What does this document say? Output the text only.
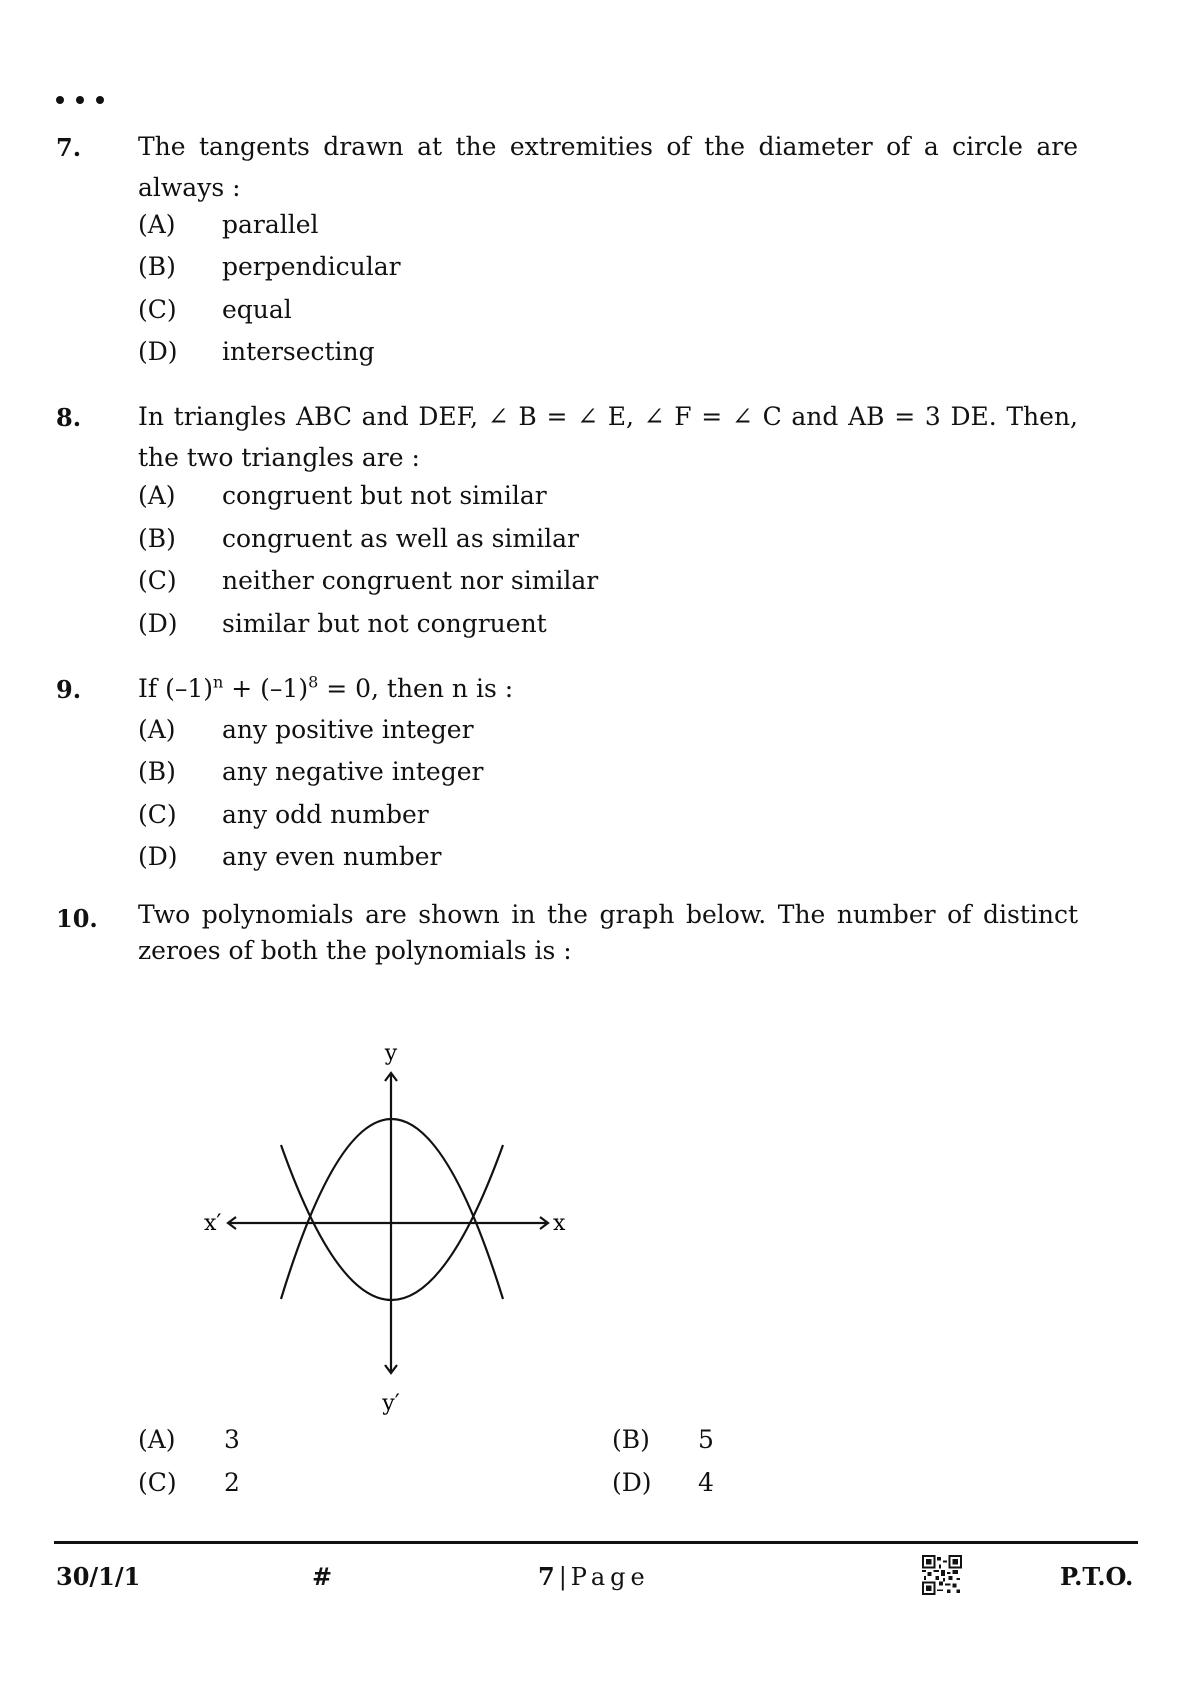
7. The tangents drawn at the extremities of the diameter of a circle are always :
(A)	parallel
(B)	perpendicular
(C)	equal
(D)	intersecting
8. In triangles ABC and DEF, ∠ B = ∠ E, ∠ F = ∠ C and AB = 3 DE. Then, the two triangles are :
(A)	congruent but not similar
(B)	congruent as well as similar
(C)	neither congruent nor similar
(D)	similar but not congruent
9. If $(-1)^n + (-1)^8 = 0$, then n is :
(A)	any positive integer
(B)	any negative integer
(C)	any odd number
(D)	any even number
10. Two polynomials are shown in the graph below. The number of distinct zeroes of both the polynomials is :
y
y′
x′	x
(A)	3	(B)	5
(C)	2	(D)	4
30/1/1	#	7 | Page	P.T.O.
